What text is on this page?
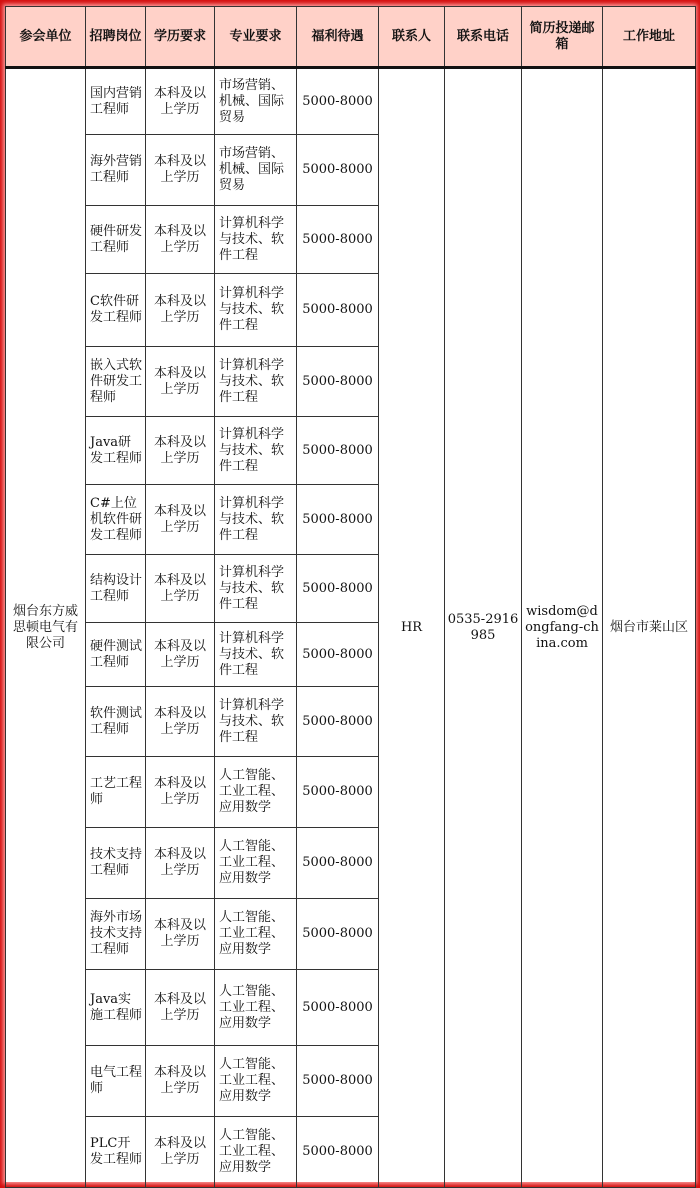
参会单位	招聘岗位	学历要求	专业要求	福利待遇	联系人	联系电话	简历投递邮箱	工作地址
烟台东方威思顿电气有限公司	国内营销工程师	本科及以上学历	市场营销、机械、国际贸易	5000-8000	HR	0535-2916985	wisdom@dongfang-china.com	烟台市莱山区
	海外营销工程师	本科及以上学历	市场营销、机械、国际贸易	5000-8000				
	硬件研发工程师	本科及以上学历	计算机科学与技术、软件工程	5000-8000				
	C软件研发工程师	本科及以上学历	计算机科学与技术、软件工程	5000-8000				
	嵌入式软件研发工程师	本科及以上学历	计算机科学与技术、软件工程	5000-8000				
	Java研发工程师	本科及以上学历	计算机科学与技术、软件工程	5000-8000				
	C#上位机软件研发工程师	本科及以上学历	计算机科学与技术、软件工程	5000-8000				
	结构设计工程师	本科及以上学历	计算机科学与技术、软件工程	5000-8000				
	硬件测试工程师	本科及以上学历	计算机科学与技术、软件工程	5000-8000				
	软件测试工程师	本科及以上学历	计算机科学与技术、软件工程	5000-8000				
	工艺工程师	本科及以上学历	人工智能、工业工程、应用数学	5000-8000				
	技术支持工程师	本科及以上学历	人工智能、工业工程、应用数学	5000-8000				
	海外市场技术支持工程师	本科及以上学历	人工智能、工业工程、应用数学	5000-8000				
	Java实施工程师	本科及以上学历	人工智能、工业工程、应用数学	5000-8000				
	电气工程师	本科及以上学历	人工智能、工业工程、应用数学	5000-8000				
	PLC开发工程师	本科及以上学历	人工智能、工业工程、应用数学	5000-8000				
